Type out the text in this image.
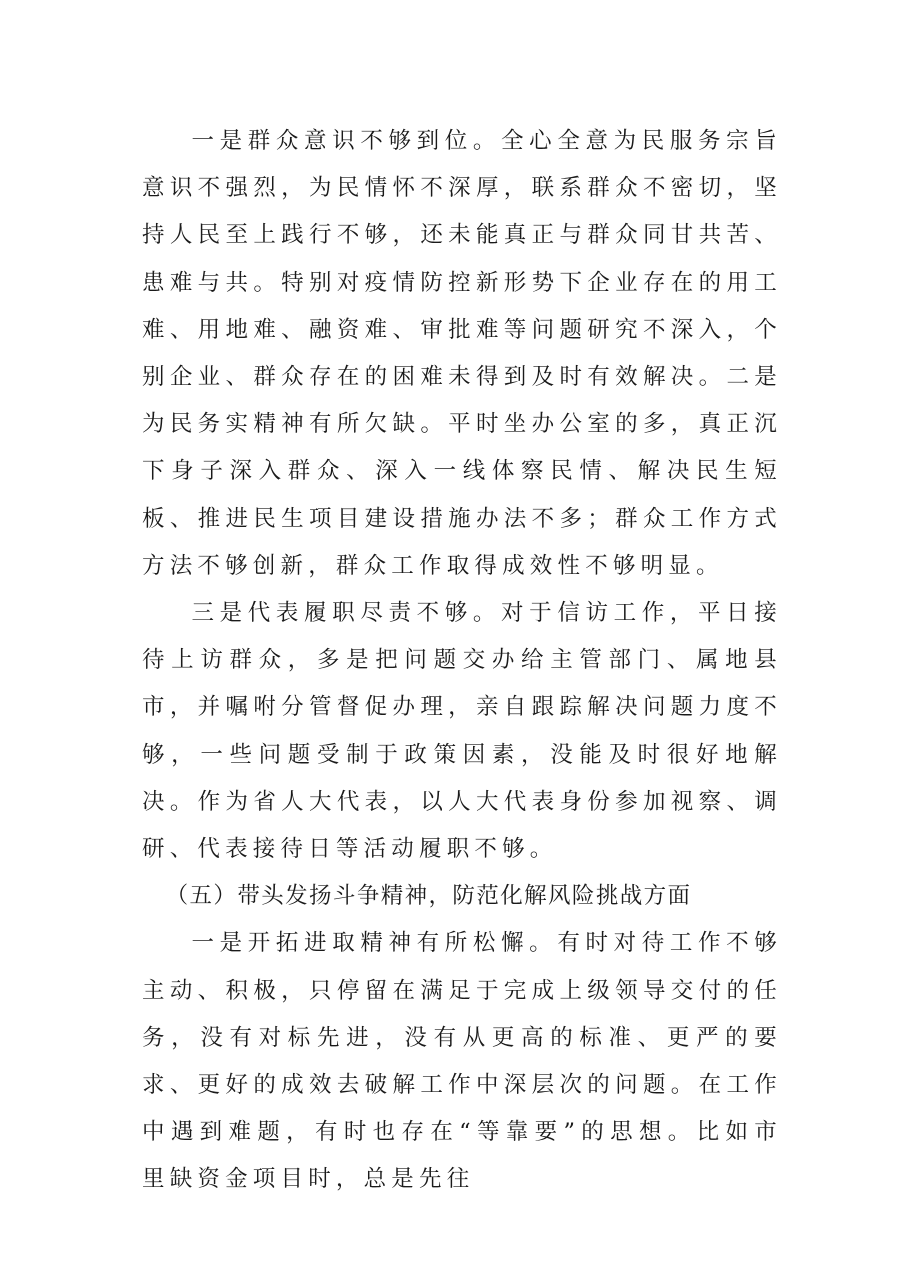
一是群众意识不够到位。全心全意为民服务宗旨意识不强烈，为民情怀不深厚，联系群众不密切，坚持人民至上践行不够，还未能真正与群众同甘共苦、患难与共。特别对疫情防控新形势下企业存在的用工难、用地难、融资难、审批难等问题研究不深入，个别企业、群众存在的困难未得到及时有效解决。二是为民务实精神有所欠缺。平时坐办公室的多，真正沉下身子深入群众、深入一线体察民情、解决民生短板、推进民生项目建设措施办法不多；群众工作方式方法不够创新，群众工作取得成效性不够明显。

三是代表履职尽责不够。对于信访工作，平日接待上访群众，多是把问题交办给主管部门、属地县市，并嘱咐分管督促办理，亲自跟踪解决问题力度不够，一些问题受制于政策因素，没能及时很好地解决。作为省人大代表，以人大代表身份参加视察、调研、代表接待日等活动履职不够。

（五）带头发扬斗争精神，防范化解风险挑战方面

一是开拓进取精神有所松懈。有时对待工作不够主动、积极，只停留在满足于完成上级领导交付的任务，没有对标先进，没有从更高的标准、更严的要求、更好的成效去破解工作中深层次的问题。在工作中遇到难题，有时也存在“等靠要”的思想。比如市里缺资金项目时，总是先往
